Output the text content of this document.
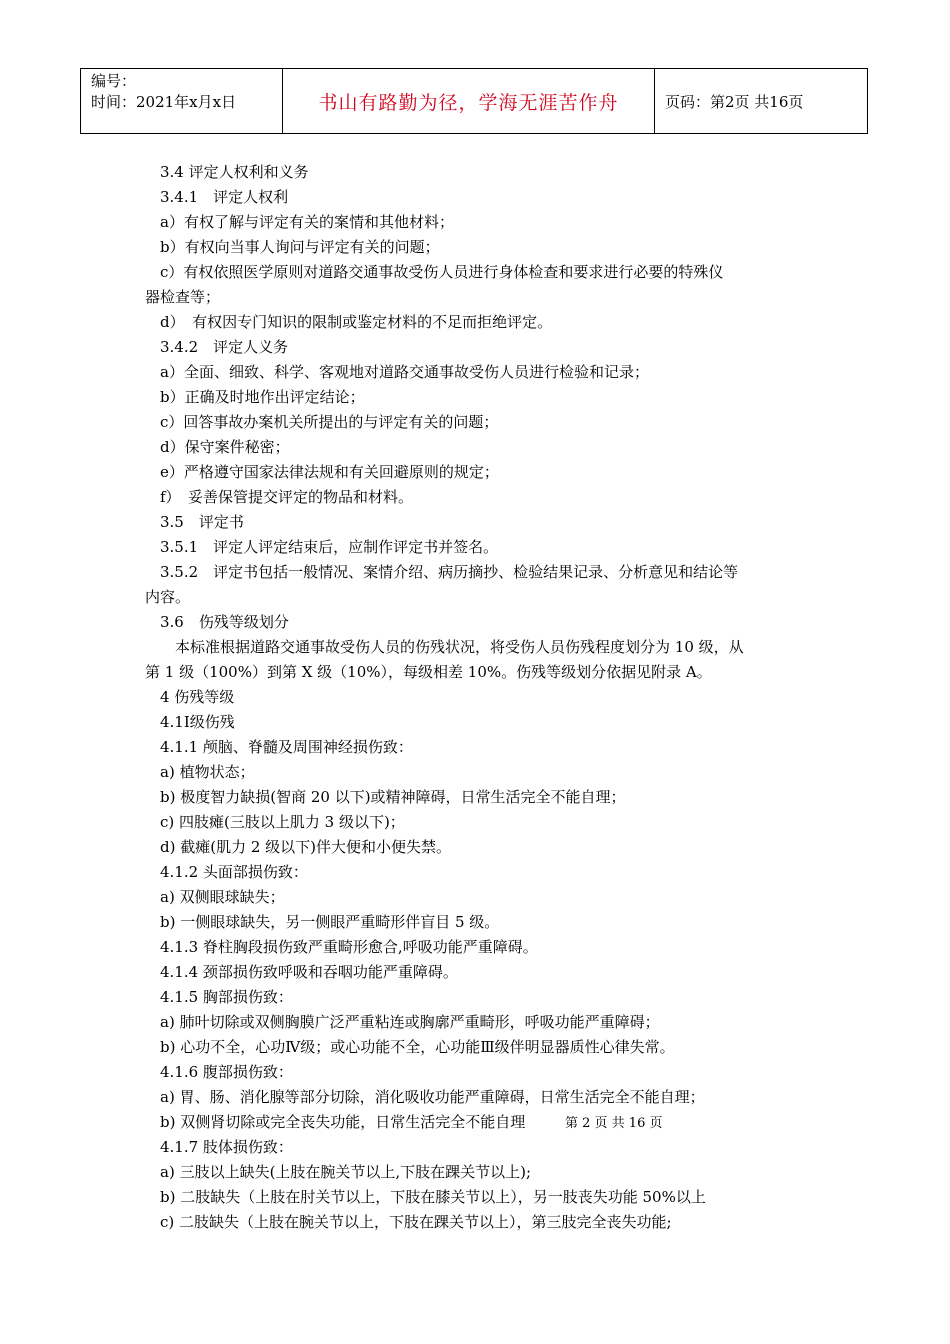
编号：
时间：2021年x月x日	书山有路勤为径，学海无涯苦作舟	页码：第2页 共16页
3.4 评定人权利和义务
3.4.1　评定人权利
a）有权了解与评定有关的案情和其他材料；
b）有权向当事人询问与评定有关的问题；
c）有权依照医学原则对道路交通事故受伤人员进行身体检查和要求进行必要的特殊仪
器检查等；
d）　有权因专门知识的限制或鉴定材料的不足而拒绝评定。
3.4.2　评定人义务
a）全面、细致、科学、客观地对道路交通事故受伤人员进行检验和记录；
b）正确及时地作出评定结论；
c）回答事故办案机关所提出的与评定有关的问题；
d）保守案件秘密；
e）严格遵守国家法律法规和有关回避原则的规定；
f）　妥善保管提交评定的物品和材料。
3.5　评定书
3.5.1　评定人评定结束后，应制作评定书并签名。
3.5.2　评定书包括一般情况、案情介绍、病历摘抄、检验结果记录、分析意见和结论等
内容。
3.6　伤残等级划分
本标准根据道路交通事故受伤人员的伤残状况，将受伤人员伤残程度划分为 10 级，从
第 1 级（100%）到第 X 级（10%），每级相差 10%。伤残等级划分依据见附录 A。
4 伤残等级
4.1Ⅰ级伤残
4.1.1 颅脑、脊髓及周围神经损伤致：
a) 植物状态；
b) 极度智力缺损(智商 20 以下)或精神障碍，日常生活完全不能自理；
c) 四肢瘫(三肢以上肌力 3 级以下)；
d) 截瘫(肌力 2 级以下)伴大便和小便失禁。
4.1.2 头面部损伤致：
a) 双侧眼球缺失；
b) 一侧眼球缺失，另一侧眼严重畸形伴盲目 5 级。
4.1.3 脊柱胸段损伤致严重畸形愈合,呼吸功能严重障碍。
4.1.4 颈部损伤致呼吸和吞咽功能严重障碍。
4.1.5 胸部损伤致：
a) 肺叶切除或双侧胸膜广泛严重粘连或胸廓严重畸形，呼吸功能严重障碍；
b) 心功不全，心功Ⅳ级；或心功能不全，心功能Ⅲ级伴明显器质性心律失常。
4.1.6 腹部损伤致：
a) 胃、肠、消化腺等部分切除，消化吸收功能严重障碍，日常生活完全不能自理；
b) 双侧肾切除或完全丧失功能，日常生活完全不能自理
4.1.7 肢体损伤致：
a) 三肢以上缺失(上肢在腕关节以上,下肢在踝关节以上);
b) 二肢缺失（上肢在肘关节以上，下肢在膝关节以上），另一肢丧失功能 50%以上
c) 二肢缺失（上肢在腕关节以上，下肢在踝关节以上），第三肢完全丧失功能;
第 2 页 共 16 页
